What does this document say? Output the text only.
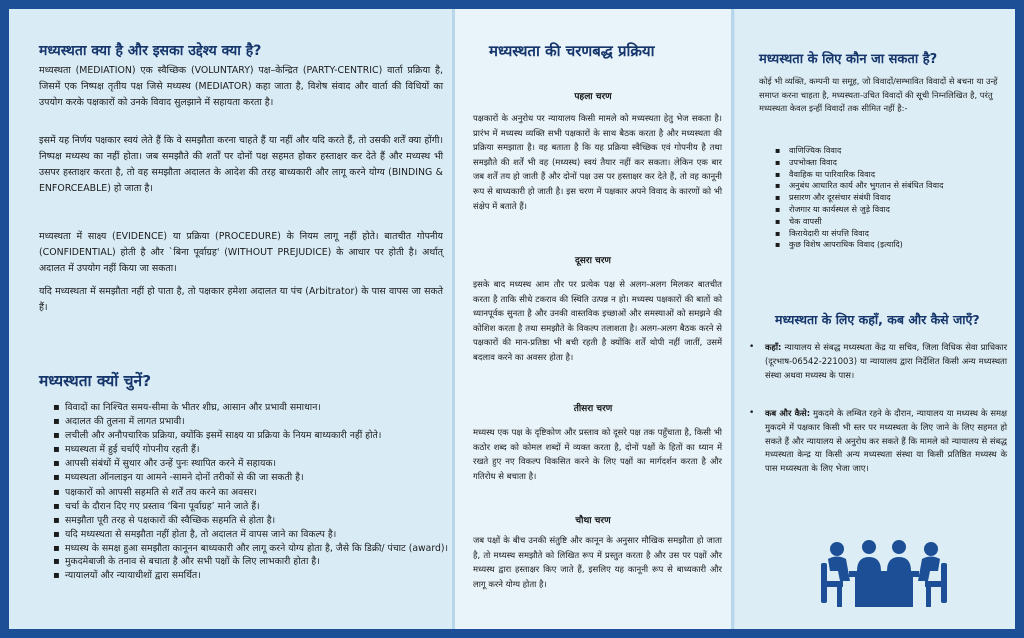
मध्यस्थता क्या है और इसका उद्देश्य क्या है?

मध्यस्थता (MEDIATION) एक स्वैच्छिक (VOLUNTARY) पक्ष–केन्द्रित (PARTY-CENTRIC) वार्ता प्रक्रिया है, जिसमें एक निष्पक्ष तृतीय पक्ष जिसे मध्यस्थ (MEDIATOR) कहा जाता है, विशेष संवाद और वार्ता की विधियों का उपयोग करके पक्षकारों को उनके विवाद सुलझाने में सहायता करता है।

इसमें यह निर्णय पक्षकार स्वयं लेते हैं कि वे समझौता करना चाहते हैं या नहीं और यदि करते हैं, तो उसकी शर्तें क्या होंगी। निष्पक्ष मध्यस्थ का नहीं होता। जब समझौते की शर्तों पर दोनों पक्ष सहमत होकर हस्ताक्षर कर देते हैं और मध्यस्थ भी उसपर हस्ताक्षर करता है, तो वह समझौता अदालत के आदेश की तरह बाध्यकारी और लागू करने योग्य (BINDING & ENFORCEABLE) हो जाता है।

मध्यस्थता में साक्ष्य (EVIDENCE) या प्रक्रिया (PROCEDURE) के नियम लागू नहीं होते। बातचीत गोपनीय (CONFIDENTIAL) होती है और `बिना पूर्वाग्रह' (WITHOUT PREJUDICE) के आधार पर होती है। अर्थात् अदालत में उपयोग नहीं किया जा सकता।

यदि मध्यस्थता में समझौता नहीं हो पाता है, तो पक्षकार हमेशा अदालत या पंच (Arbitrator) के पास वापस जा सकते हैं।

मध्यस्थता क्यों चुनें?
▪ विवादों का निश्चित समय-सीमा के भीतर शीघ्र, आसान और प्रभावी समाधान।
▪ अदालत की तुलना में लागत प्रभावी।
▪ लचीली और अनौपचारिक प्रक्रिया, क्योंकि इसमें साक्ष्य या प्रक्रिया के नियम बाध्यकारी नहीं होते।
▪ मध्यस्थता में हुई चर्चाएँ गोपनीय रहती हैं।
▪ आपसी संबंधों में सुधार और उन्हें पुनः स्थापित करने में सहायक।
▪ मध्यस्थता ऑनलाइन या आमने -सामने दोनों तरीकों से की जा सकती है।
▪ पक्षकारों को आपसी सहमति से शर्तें तय करने का अवसर।
▪ चर्चा के दौरान दिए गए प्रस्ताव ‘बिना पूर्वाग्रह’ माने जाते हैं।
▪ समझौता पूरी तरह से पक्षकारों की स्वैच्छिक सहमति से होता है।
▪ यदि मध्यस्थता से समझौता नहीं होता है, तो अदालत में वापस जाने का विकल्प है।
▪ मध्यस्थ के समक्ष हुआ समझौता कानूनन बाध्यकारी और लागू करने योग्य होता है, जैसे कि डिक्री/ पंचाट (award)।
▪ मुकदमेबाजी के तनाव से बचाता है और सभी पक्षों के लिए लाभकारी होता है।
▪ न्यायालयों और न्यायाधीशों द्वारा समर्थित।
मध्यस्थता की चरणबद्ध प्रक्रिया
पहला चरण

पक्षकारों के अनुरोध पर न्यायालय किसी मामले को मध्यस्थता हेतु भेज सकता है। प्रारंभ में मध्यस्थ व्यक्ति सभी पक्षकारों के साथ बैठक करता है और मध्यस्थता की प्रक्रिया समझाता है। वह बताता है कि यह प्रक्रिया स्वैच्छिक एवं गोपनीय है तथा समझौते की शर्तें भी वह (मध्यस्थ) स्वयं तैयार नहीं कर सकता। लेकिन एक बार जब शर्तें तय हो जाती हैं और दोनों पक्ष उस पर हस्ताक्षर कर देते हैं, तो वह कानूनी रूप से बाध्यकारी हो जाती है। इस चरण में पक्षकार अपने विवाद के कारणों को भी संक्षेप में बताते हैं।

दूसरा चरण

इसके बाद मध्यस्थ आम तौर पर प्रत्येक पक्ष से अलग-अलग मिलकर बातचीत करता है ताकि सीधे टकराव की स्थिति उत्पन्न न हो। मध्यस्थ पक्षकारों की बातों को ध्यानपूर्वक सुनता है और उनकी वास्तविक इच्छाओं और समस्याओं को समझने की कोशिश करता है तथा समझौते के विकल्प तलाशता है। अलग-अलग बैठक करने से पक्षकारों की मान-प्रतिष्ठा भी बची रहती है क्योंकि शर्तें थोपी नहीं जातीं, उसमें बदलाव करने का अवसर होता है।

तीसरा चरण

मध्यस्थ एक पक्ष के दृष्टिकोण और प्रस्ताव को दूसरे पक्ष तक पहुँचाता है, किसी भी कठोर शब्द को कोमल शब्दों में व्यक्त करता है, दोनों पक्षों के हितों का ध्यान में रखते हुए नए विकल्प विकसित करने के लिए पक्षों का मार्गदर्शन करता है और गतिरोध से बचाता है।

चौथा चरण

जब पक्षों के बीच उनकी संतुष्टि और कानून के अनुसार मौखिक समझौता हो जाता है, तो मध्यस्थ समझौते को लिखित रूप में प्रस्तुत करता है और उस पर पक्षों और मध्यस्थ द्वारा हस्ताक्षर किए जाते हैं, इसलिए यह कानूनी रूप से बाध्यकारी और लागू करने योग्य होता है।

मध्यस्थता के लिए कौन जा सकता है?

कोई भी व्यक्ति, कम्पनी या समूह, जो विवादों/सम्भावित विवादों से बचना या उन्हें समाप्त करना चाहता है, मध्यस्थता-उचित विवादों की सूची निम्नलिखित है, परंतु मध्यस्थता केवल इन्हीं विवादों तक सीमित नहीं है:-

▪ वाणिज्यिक विवाद
▪ उपभोक्ता विवाद
▪ वैवाहिक या पारिवारिक विवाद
▪ अनुबंध आधारित कार्य और भुगतान से संबंधित विवाद
▪ प्रसारण और दूरसंचार संबंधी विवाद
▪ रोजगार या कार्यस्थल से जुड़े विवाद
▪ चेक वापसी
▪ किरायेदारी या संपत्ति विवाद
▪ कुछ विशेष आपराधिक विवाद (इत्यादि)
मध्यस्थता के लिए कहाँ, कब और कैसे जाएँ?
• कहाँ: न्यायालय से संबद्ध मध्यस्थता केंद्र या सचिव, जिला विधिक सेवा प्राधिकार (दूरभाष-06542-221003) या न्यायालय द्वारा निर्देशित किसी अन्य मध्यस्थता संस्था अथवा मध्यस्थ के पास।
• कब और कैसे: मुकदमे के लम्बित रहने के दौरान, न्यायालय या मध्यस्थ के समक्ष मुकदमे में पक्षकार किसी भी स्तर पर मध्यस्थता के लिए जाने के लिए सहमत हो सकते हैं और न्यायालय से अनुरोध कर सकते हैं कि मामले को न्यायालय से संबद्ध मध्यस्थता केन्द्र या किसी अन्य मध्यस्थता संस्था या किसी प्रतिष्ठित मध्यस्थ के पास मध्यस्थता के लिए भेजा जाए।
